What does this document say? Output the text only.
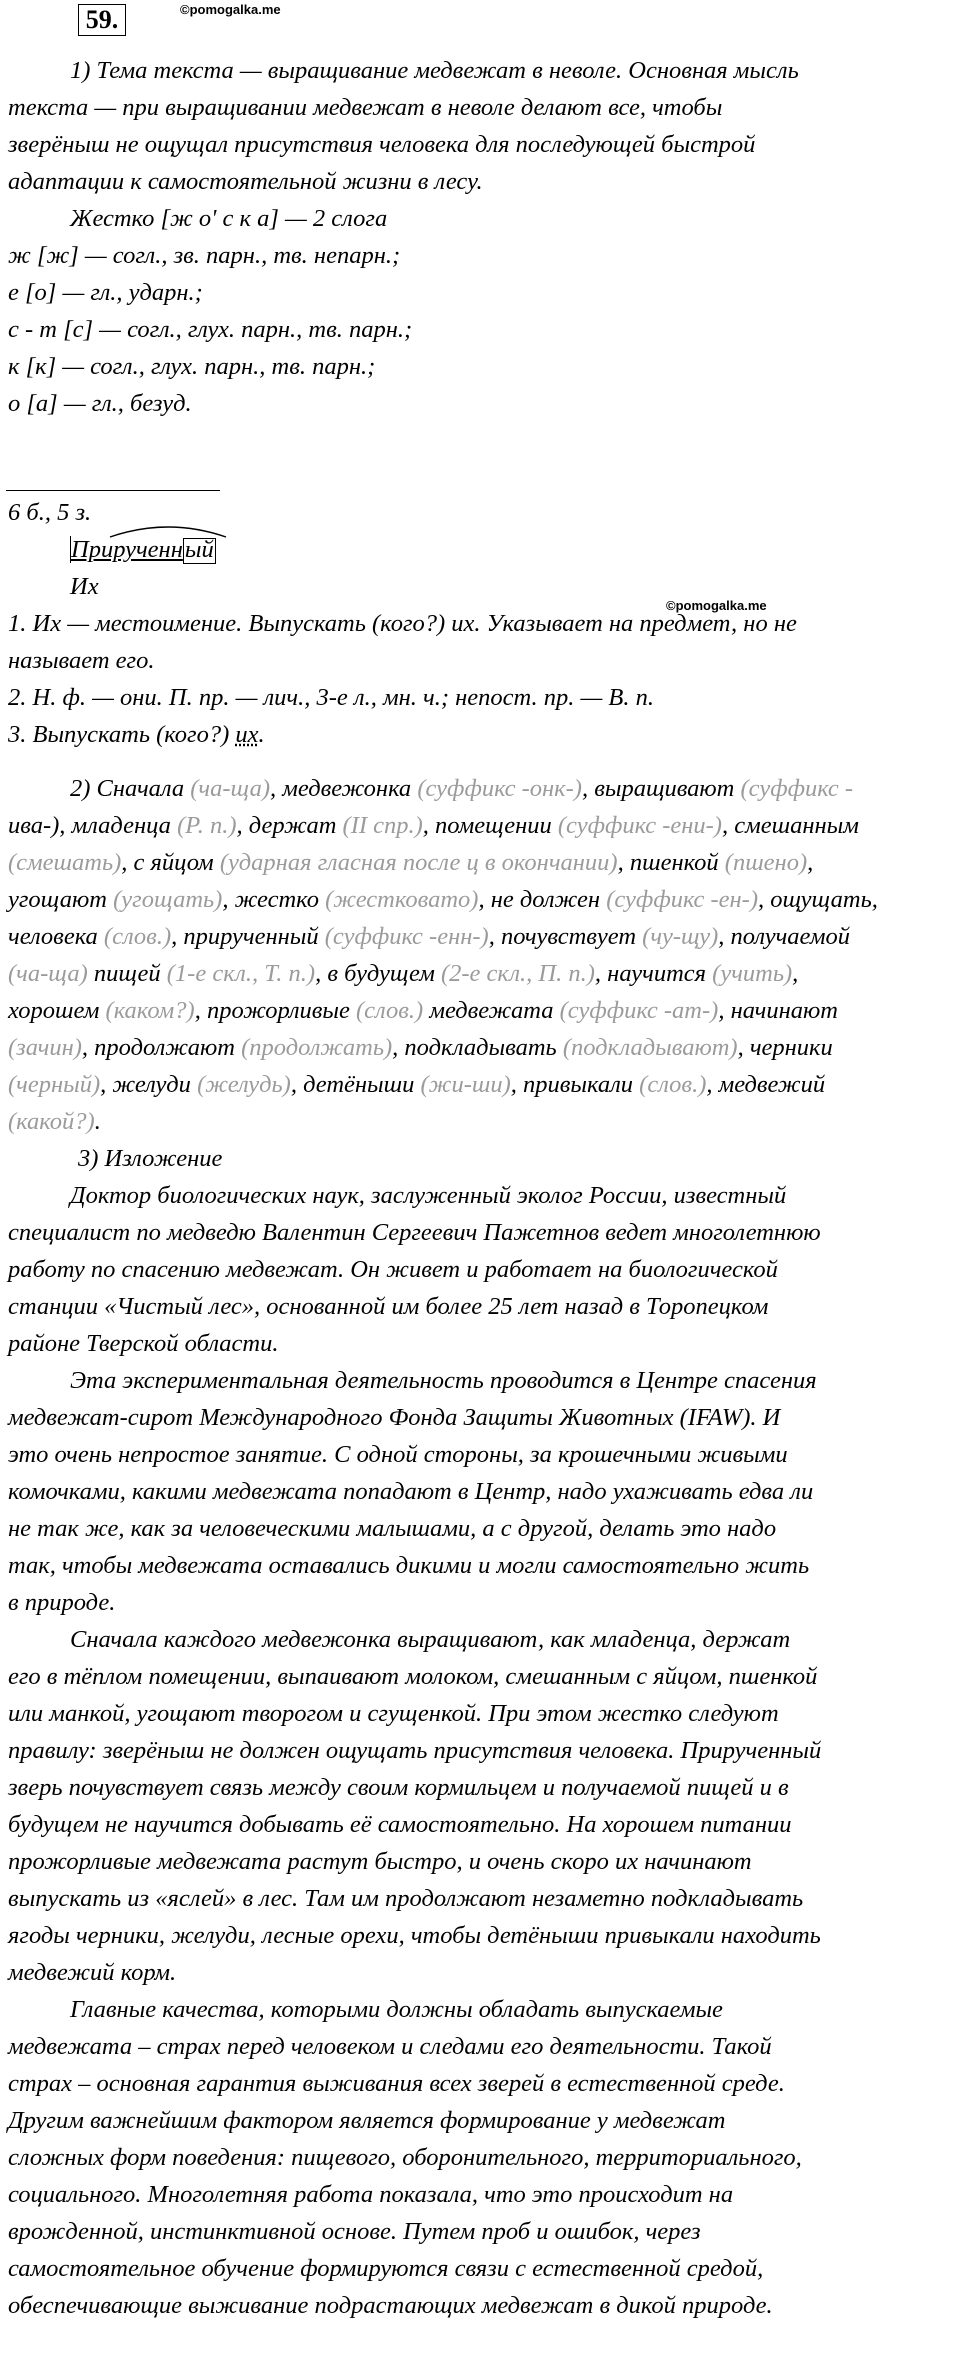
59.	©pomogalka.me
1) Тема текста — выращивание медвежат в неволе. Основная мысль
текста — при выращивании медвежат в неволе делают все, чтобы
зверёныш не ощущал присутствия человека для последующей быстрой
адаптации к самостоятельной жизни в лесу.
Жестко [ж о' с к а] — 2 слога
ж [ж] — согл., зв. парн., тв. непарн.;
е [о] — гл., ударн.;
с - т [с] — согл., глух. парн., тв. парн.;
к [к] — согл., глух. парн., тв. парн.;
о [а] — гл., безуд.
6 б., 5 з.
Прирученный
Их
1. Их — местоимение. Выпускать (кого?) их. Указывает на предмет, но не
называет его.
2. Н. ф. — они. П. пр. — лич., 3-е л., мн. ч.; непост. пр. — В. п.
3. Выпускать (кого?) их.
©pomogalka.me
2) Сначала (ча-ща), медвежонка (суффикс -онк-), выращивают (суффикс -
ива-), младенца (Р. п.), держат (II спр.), помещении (суффикс -ени-), смешанным
(смешать), с яйцом (ударная гласная после ц в окончании), пшенкой (пшено),
угощают (угощать), жестко (жестковато), не должен (суффикс -ен-), ощущать,
человека (слов.), прирученный (суффикс -енн-), почувствует (чу-щу), получаемой
(ча-ща) пищей (1-е скл., Т. п.), в будущем (2-е скл., П. п.), научится (учить),
хорошем (каком?), прожорливые (слов.) медвежата (суффикс -ат-), начинают
(зачин), продолжают (продолжать), подкладывать (подкладывают), черники
(черный), желуди (желудь), детёныши (жи-ши), привыкали (слов.), медвежий
(какой?).
3) Изложение
Доктор биологических наук, заслуженный эколог России, известный
специалист по медведю Валентин Сергеевич Пажетнов ведет многолетнюю
работу по спасению медвежат. Он живет и работает на биологической
станции «Чистый лес», основанной им более 25 лет назад в Торопецком
районе Тверской области.
Эта экспериментальная деятельность проводится в Центре спасения
медвежат-сирот Международного Фонда Защиты Животных (IFAW). И
это очень непростое занятие. С одной стороны, за крошечными живыми
комочками, какими медвежата попадают в Центр, надо ухаживать едва ли
не так же, как за человеческими малышами, а с другой, делать это надо
так, чтобы медвежата оставались дикими и могли самостоятельно жить
в природе.
Сначала каждого медвежонка выращивают, как младенца, держат
его в тёплом помещении, выпаивают молоком, смешанным с яйцом, пшенкой
или манкой, угощают творогом и сгущенкой. При этом жестко следуют
правилу: зверёныш не должен ощущать присутствия человека. Прирученный
зверь почувствует связь между своим кормильцем и получаемой пищей и в
будущем не научится добывать её самостоятельно. На хорошем питании
прожорливые медвежата растут быстро, и очень скоро их начинают
выпускать из «яслей» в лес. Там им продолжают незаметно подкладывать
ягоды черники, желуди, лесные орехи, чтобы детёныши привыкали находить
медвежий корм.
Главные качества, которыми должны обладать выпускаемые
медвежата – страх перед человеком и следами его деятельности. Такой
страх – основная гарантия выживания всех зверей в естественной среде.
Другим важнейшим фактором является формирование у медвежат
сложных форм поведения: пищевого, оборонительного, территориального,
социального. Многолетняя работа показала, что это происходит на
врожденной, инстинктивной основе. Путем проб и ошибок, через
самостоятельное обучение формируются связи с естественной средой,
обеспечивающие выживание подрастающих медвежат в дикой природе.
